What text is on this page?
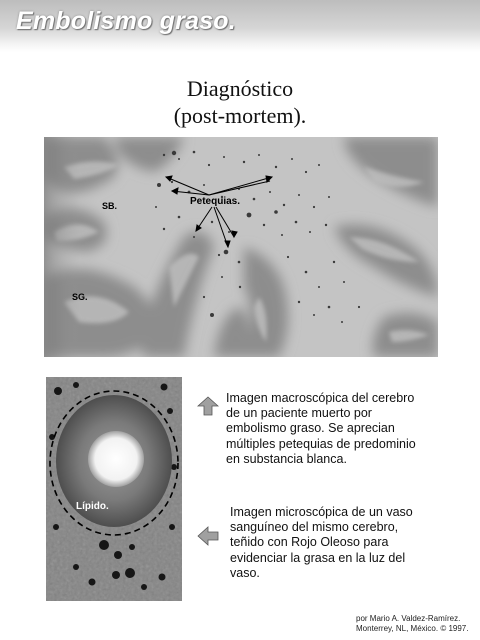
Embolismo graso.
Diagnóstico
(post-mortem).
Petequias.
SB.
SG.
Lípido.

Imagen macroscópica del cerebro de un paciente muerto por embolismo graso. Se aprecian múltiples petequias de predominio en substancia blanca.

Imagen microscópica de un vaso sanguíneo del mismo cerebro, teñido con Rojo Oleoso para evidenciar la grasa en la luz del vaso.

por Mario A. Valdez-Ramírez.
Monterrey, NL, México. © 1997.
